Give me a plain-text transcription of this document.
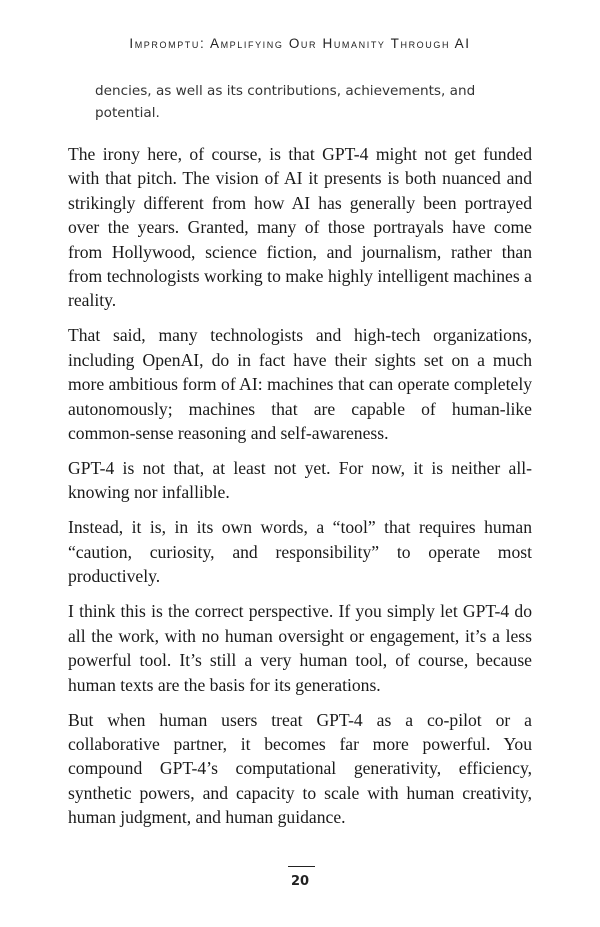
Impromptu: Amplifying Our Humanity Through AI
dencies, as well as its contributions, achievements, and potential.

The irony here, of course, is that GPT-4 might not get funded with that pitch. The vision of AI it presents is both nuanced and strikingly different from how AI has generally been portrayed over the years. Granted, many of those portrayals have come from Hollywood, science fiction, and journalism, rather than from technologists working to make highly intelligent machines a reality.

That said, many technologists and high-tech organizations, including OpenAI, do in fact have their sights set on a much more ambitious form of AI: machines that can operate completely autonomously; machines that are capable of human-like common-sense reasoning and self-awareness.

GPT-4 is not that, at least not yet. For now, it is neither all-knowing nor infallible.

Instead, it is, in its own words, a “tool” that requires human “caution, curiosity, and responsibility” to operate most productively.

I think this is the correct perspective. If you simply let GPT-4 do all the work, with no human oversight or engagement, it’s a less powerful tool. It’s still a very human tool, of course, because human texts are the basis for its generations.

But when human users treat GPT-4 as a co-pilot or a collaborative partner, it becomes far more powerful. You compound GPT-4’s computational generativity, efficiency, synthetic powers, and capacity to scale with human creativity, human judgment, and human guidance.

20
